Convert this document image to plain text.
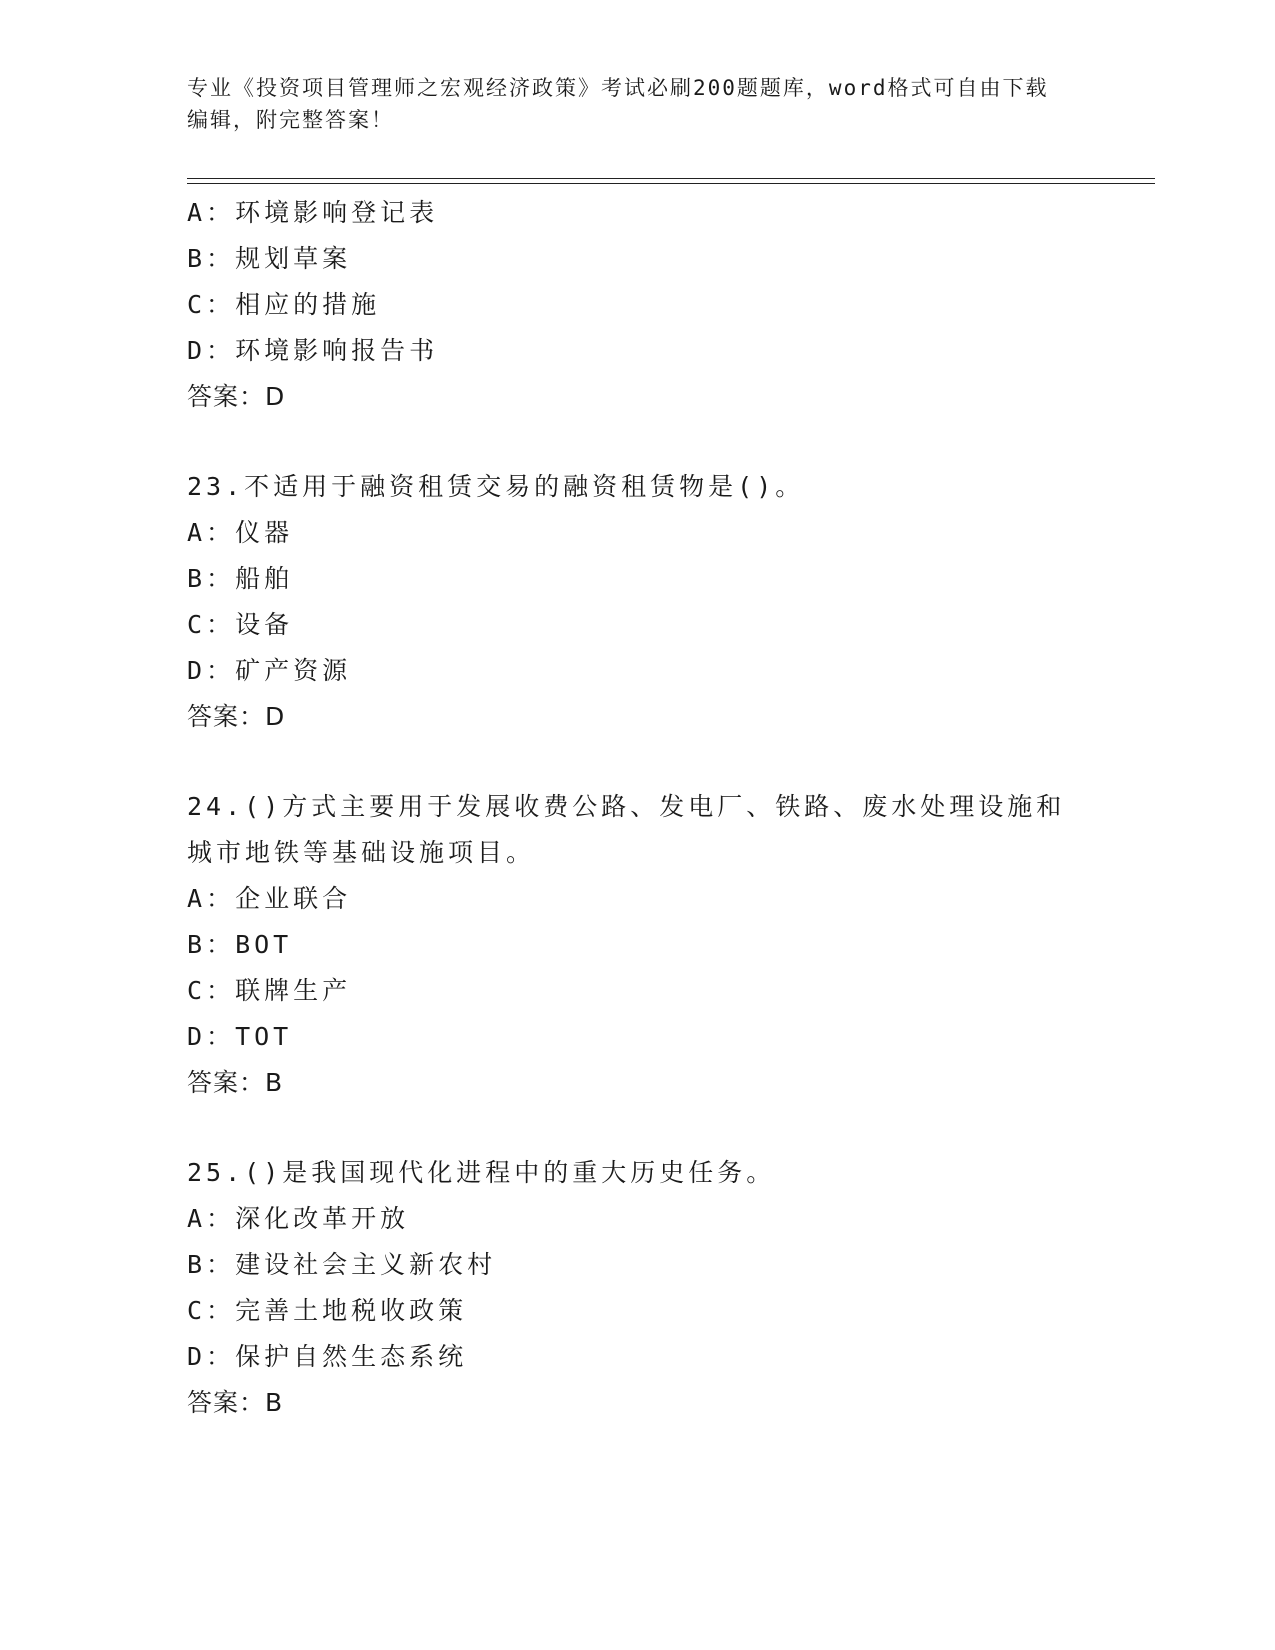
专业《投资项目管理师之宏观经济政策》考试必刷200题题库，word格式可自由下载编辑，附完整答案！
A：环境影响登记表
B：规划草案
C：相应的措施
D：环境影响报告书
答案：D
23.不适用于融资租赁交易的融资租赁物是()。
A：仪器
B：船舶
C：设备
D：矿产资源
答案：D
24.()方式主要用于发展收费公路、发电厂、铁路、废水处理设施和城市地铁等基础设施项目。
A：企业联合
B：BOT
C：联牌生产
D：TOT
答案：B
25.()是我国现代化进程中的重大历史任务。
A：深化改革开放
B：建设社会主义新农村
C：完善土地税收政策
D：保护自然生态系统
答案：B
